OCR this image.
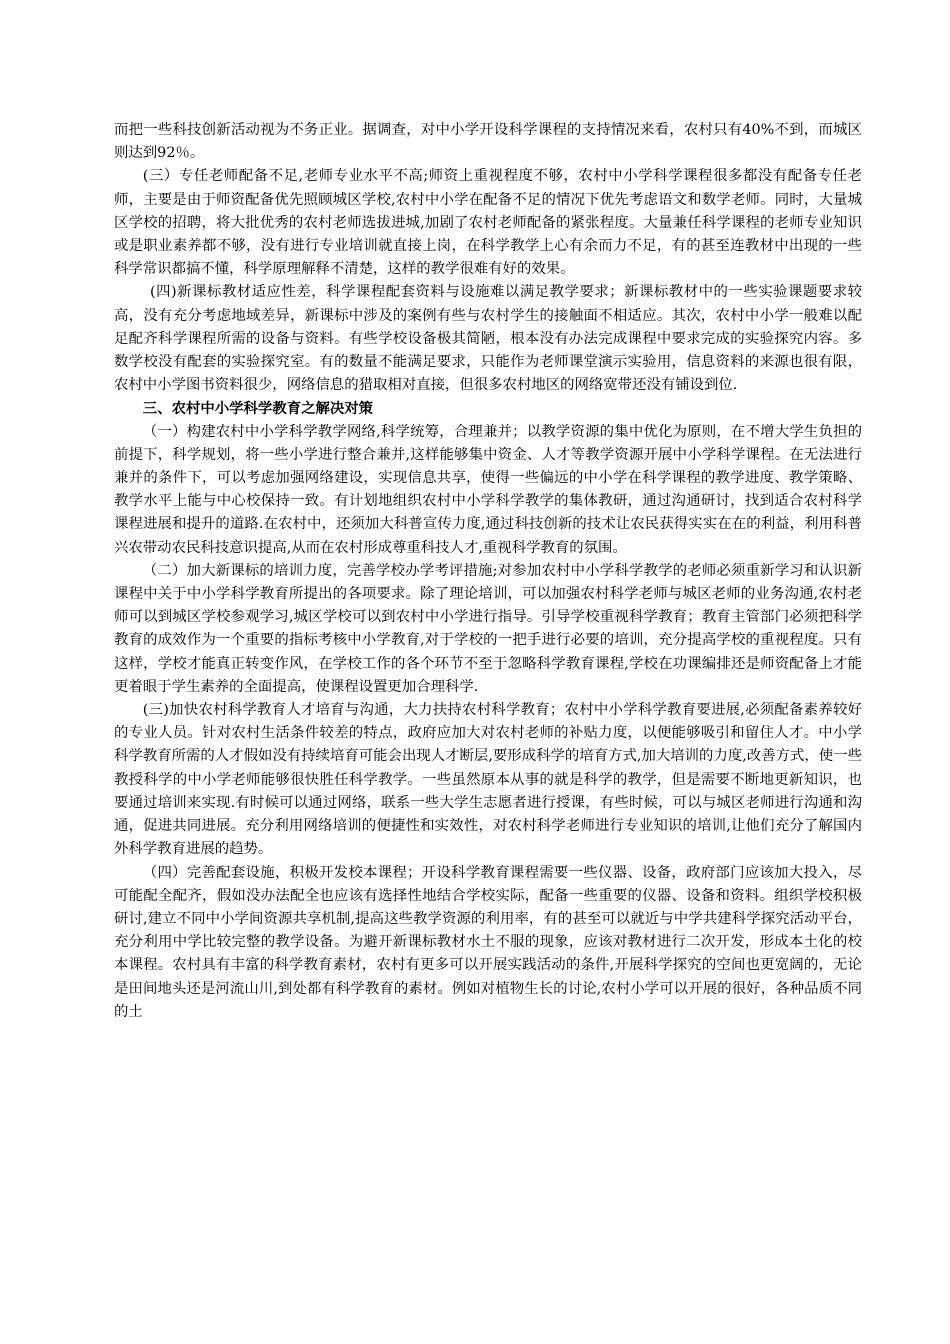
而把一些科技创新活动视为不务正业。据调查，对中小学开设科学课程的支持情况来看，农村只有40%不到，而城区则达到92％。

(三）专任老师配备不足,老师专业水平不高;师资上重视程度不够，农村中小学科学课程很多都没有配备专任老师，主要是由于师资配备优先照顾城区学校,农村中小学在配备不足的情况下优先考虑语文和数学老师。同时，大量城区学校的招聘，将大批优秀的农村老师选拔进城,加剧了农村老师配备的紧张程度。大量兼任科学课程的老师专业知识或是职业素养都不够，没有进行专业培训就直接上岗，在科学教学上心有余而力不足，有的甚至连教材中出现的一些科学常识都搞不懂，科学原理解释不清楚，这样的教学很难有好的效果。

(四)新课标教材适应性差，科学课程配套资料与设施难以满足教学要求；新课标教材中的一些实验课题要求较高，没有充分考虑地域差异，新课标中涉及的案例有些与农村学生的接触面不相适应。其次，农村中小学一般难以配足配齐科学课程所需的设备与资料。有些学校设备极其简陋，根本没有办法完成课程中要求完成的实验探究内容。多数学校没有配套的实验探究室。有的数量不能满足要求，只能作为老师课堂演示实验用，信息资料的来源也很有限，农村中小学图书资料很少，网络信息的猎取相对直接，但很多农村地区的网络宽带还没有铺设到位.

三、农村中小学科学教育之解决对策

（一）构建农村中小学科学教学网络,科学统筹，合理兼并；以教学资源的集中优化为原则，在不增大学生负担的前提下，科学规划，将一些小学进行整合兼并,这样能够集中资金、人才等教学资源开展中小学科学课程。在无法进行兼并的条件下，可以考虑加强网络建设，实现信息共享，使得一些偏远的中小学在科学课程的教学进度、教学策略、教学水平上能与中心校保持一致。有计划地组织农村中小学科学教学的集体教研，通过沟通研讨，找到适合农村科学课程进展和提升的道路.在农村中，还须加大科普宣传力度,通过科技创新的技术让农民获得实实在在的利益，利用科普兴农带动农民科技意识提高,从而在农村形成尊重科技人才,重视科学教育的氛围。

（二）加大新课标的培训力度，完善学校办学考评措施;对参加农村中小学科学教学的老师必须重新学习和认识新课程中关于中小学科学教育所提出的各项要求。除了理论培训，可以加强农村科学老师与城区老师的业务沟通,农村老师可以到城区学校参观学习,城区学校可以到农村中小学进行指导。引导学校重视科学教育；教育主管部门必须把科学教育的成效作为一个重要的指标考核中小学教育,对于学校的一把手进行必要的培训，充分提高学校的重视程度。只有这样，学校才能真正转变作风，在学校工作的各个环节不至于忽略科学教育课程,学校在功课编排还是师资配备上才能更着眼于学生素养的全面提高，使课程设置更加合理科学.

(三)加快农村科学教育人才培育与沟通，大力扶持农村科学教育；农村中小学科学教育要进展,必须配备素养较好的专业人员。针对农村生活条件较差的特点，政府应加大对农村老师的补贴力度，以便能够吸引和留住人才。中小学科学教育所需的人才假如没有持续培育可能会出现人才断层,要形成科学的培育方式,加大培训的力度,改善方式，使一些教授科学的中小学老师能够很快胜任科学教学。一些虽然原本从事的就是科学的教学，但是需要不断地更新知识，也要通过培训来实现.有时候可以通过网络，联系一些大学生志愿者进行授课，有些时候，可以与城区老师进行沟通和沟通，促进共同进展。充分利用网络培训的便捷性和实效性，对农村科学老师进行专业知识的培训,让他们充分了解国内外科学教育进展的趋势。

（四）完善配套设施，积极开发校本课程；开设科学教育课程需要一些仪器、设备，政府部门应该加大投入，尽可能配全配齐，假如没办法配全也应该有选择性地结合学校实际，配备一些重要的仪器、设备和资料。组织学校积极研讨,建立不同中小学间资源共享机制,提高这些教学资源的利用率，有的甚至可以就近与中学共建科学探究活动平台，充分利用中学比较完整的教学设备。为避开新课标教材水土不服的现象，应该对教材进行二次开发，形成本土化的校本课程。农村具有丰富的科学教育素材，农村有更多可以开展实践活动的条件,开展科学探究的空间也更宽阔的，无论是田间地头还是河流山川,到处都有科学教育的素材。例如对植物生长的讨论,农村小学可以开展的很好，各种品质不同的土
